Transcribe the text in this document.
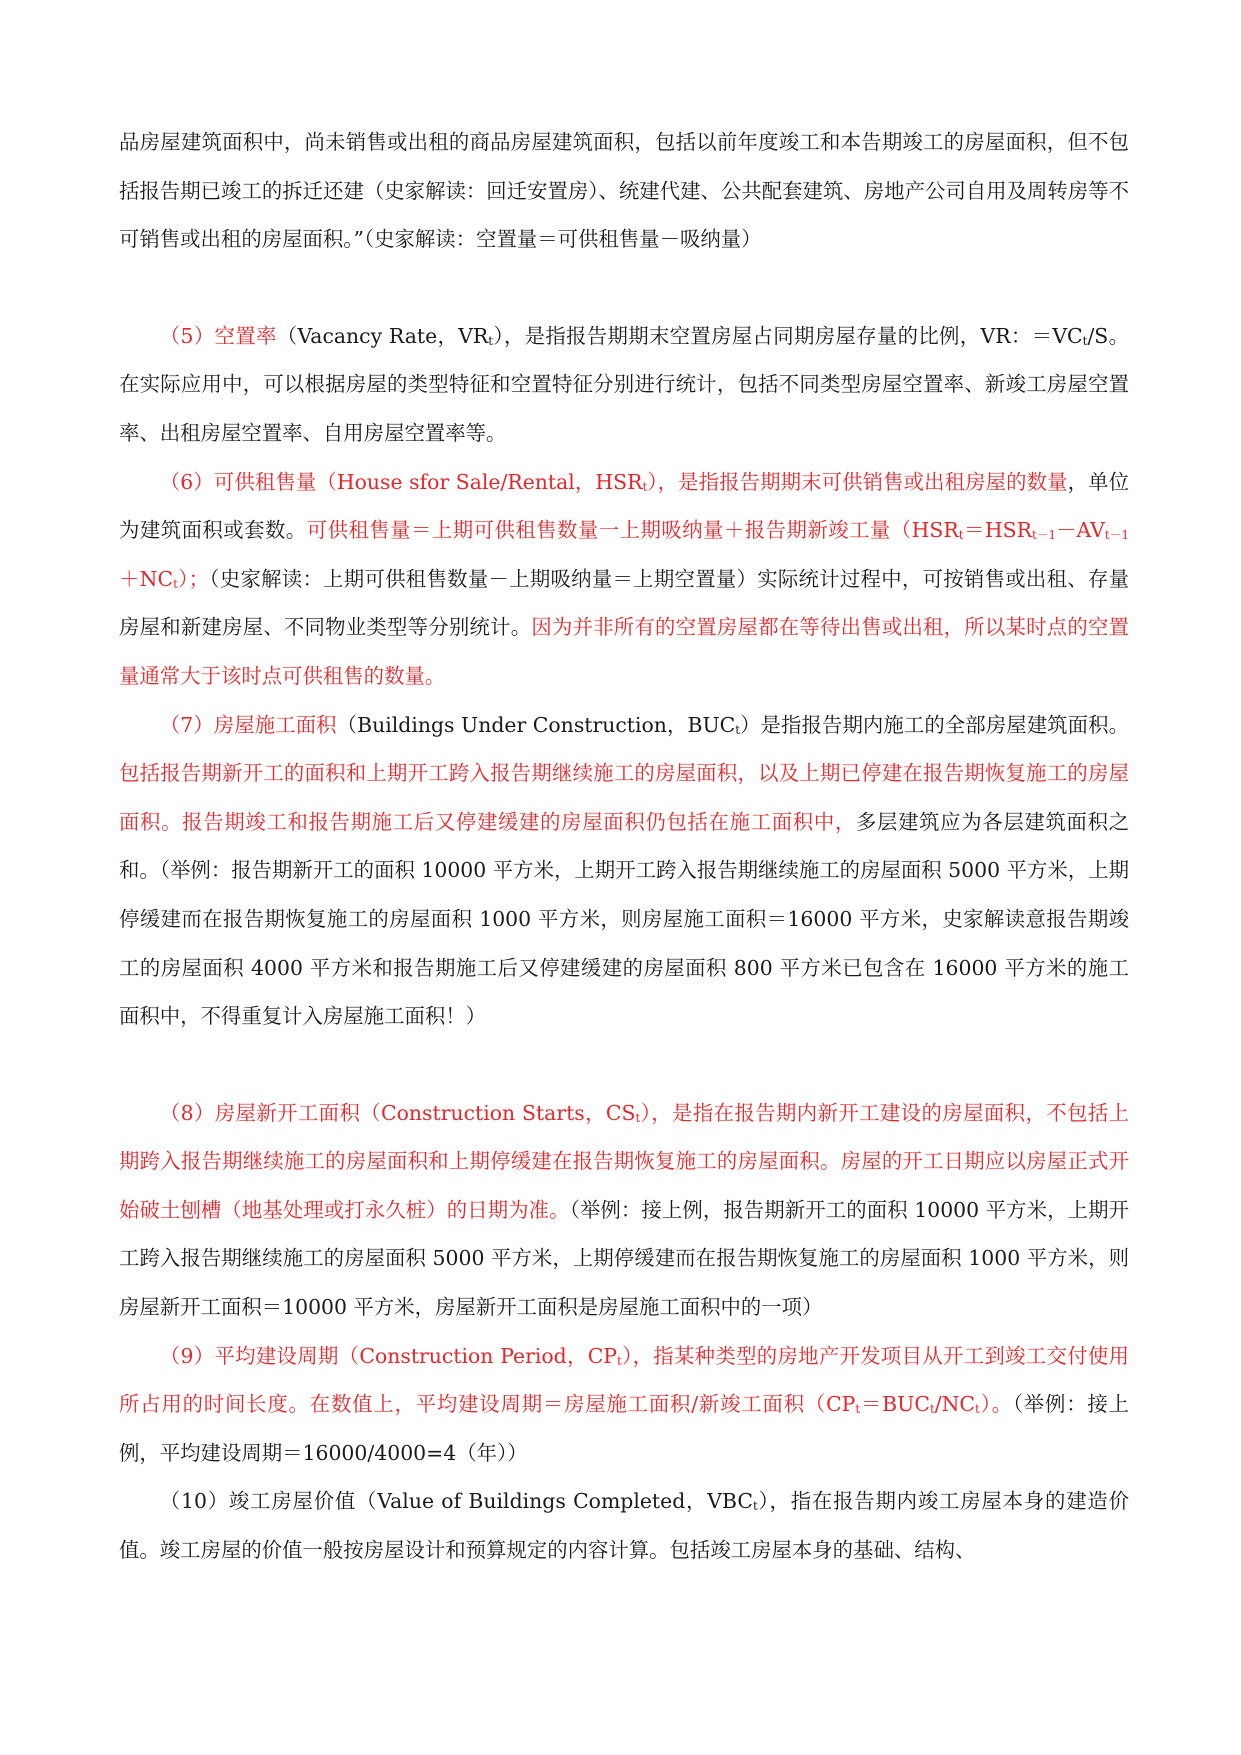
品房屋建筑面积中，尚未销售或出租的商品房屋建筑面积，包括以前年度竣工和本告期竣工的房屋面积，但不包括报告期已竣工的拆迁还建（史家解读：回迁安置房）、统建代建、公共配套建筑、房地产公司自用及周转房等不可销售或出租的房屋面积。”（史家解读：空置量＝可供租售量－吸纳量）

（5）空置率（Vacancy Rate，$VR_t$），是指报告期期末空置房屋占同期房屋存量的比例，VR：$=VC_t/S$。在实际应用中，可以根据房屋的类型特征和空置特征分别进行统计，包括不同类型房屋空置率、新竣工房屋空置率、出租房屋空置率、自用房屋空置率等。

（6）可供租售量（House sfor Sale/Rental，$HSR_t$），是指报告期期末可供销售或出租房屋的数量，单位为建筑面积或套数。可供租售量＝上期可供租售数量一上期吸纳量＋报告期新竣工量$(HSR_t=HSR_{t-1}-AV_{t-1}+NC_t)$；（史家解读：上期可供租售数量－上期吸纳量＝上期空置量）实际统计过程中，可按销售或出租、存量房屋和新建房屋、不同物业类型等分别统计。因为并非所有的空置房屋都在等待出售或出租，所以某时点的空置量通常大于该时点可供租售的数量。

（7）房屋施工面积（Buildings Under Construction，$BUC_t$）是指报告期内施工的全部房屋建筑面积。包括报告期新开工的面积和上期开工跨入报告期继续施工的房屋面积，以及上期已停建在报告期恢复施工的房屋面积。报告期竣工和报告期施工后又停建缓建的房屋面积仍包括在施工面积中，多层建筑应为各层建筑面积之和。（举例：报告期新开工的面积 10000 平方米，上期开工跨入报告期继续施工的房屋面积 5000 平方米，上期停缓建而在报告期恢复施工的房屋面积 1000 平方米，则房屋施工面积＝16000 平方米，史家解读意报告期竣工的房屋面积 4000 平方米和报告期施工后又停建缓建的房屋面积 800 平方米已包含在 16000 平方米的施工面积中，不得重复计入房屋施工面积！）

（8）房屋新开工面积（Construction Starts，$CS_t$），是指在报告期内新开工建设的房屋面积，不包括上期跨入报告期继续施工的房屋面积和上期停缓建在报告期恢复施工的房屋面积。房屋的开工日期应以房屋正式开始破土刨槽（地基处理或打永久桩）的日期为准。（举例：接上例，报告期新开工的面积 10000 平方米，上期开工跨入报告期继续施工的房屋面积 5000 平方米，上期停缓建而在报告期恢复施工的房屋面积 1000 平方米，则房屋新开工面积＝10000 平方米，房屋新开工面积是房屋施工面积中的一项）

（9）平均建设周期（Construction Period，$CP_t$），指某种类型的房地产开发项目从开工到竣工交付使用所占用的时间长度。在数值上，平均建设周期＝房屋施工面积/新竣工面积$(CP_t=BUC_t/NC_t)$。（举例：接上例，平均建设周期＝16000/4000=4（年））

（10）竣工房屋价值（Value of Buildings Completed，$VBC_t$），指在报告期内竣工房屋本身的建造价值。竣工房屋的价值一般按房屋设计和预算规定的内容计算。包括竣工房屋本身的基础、结构、
